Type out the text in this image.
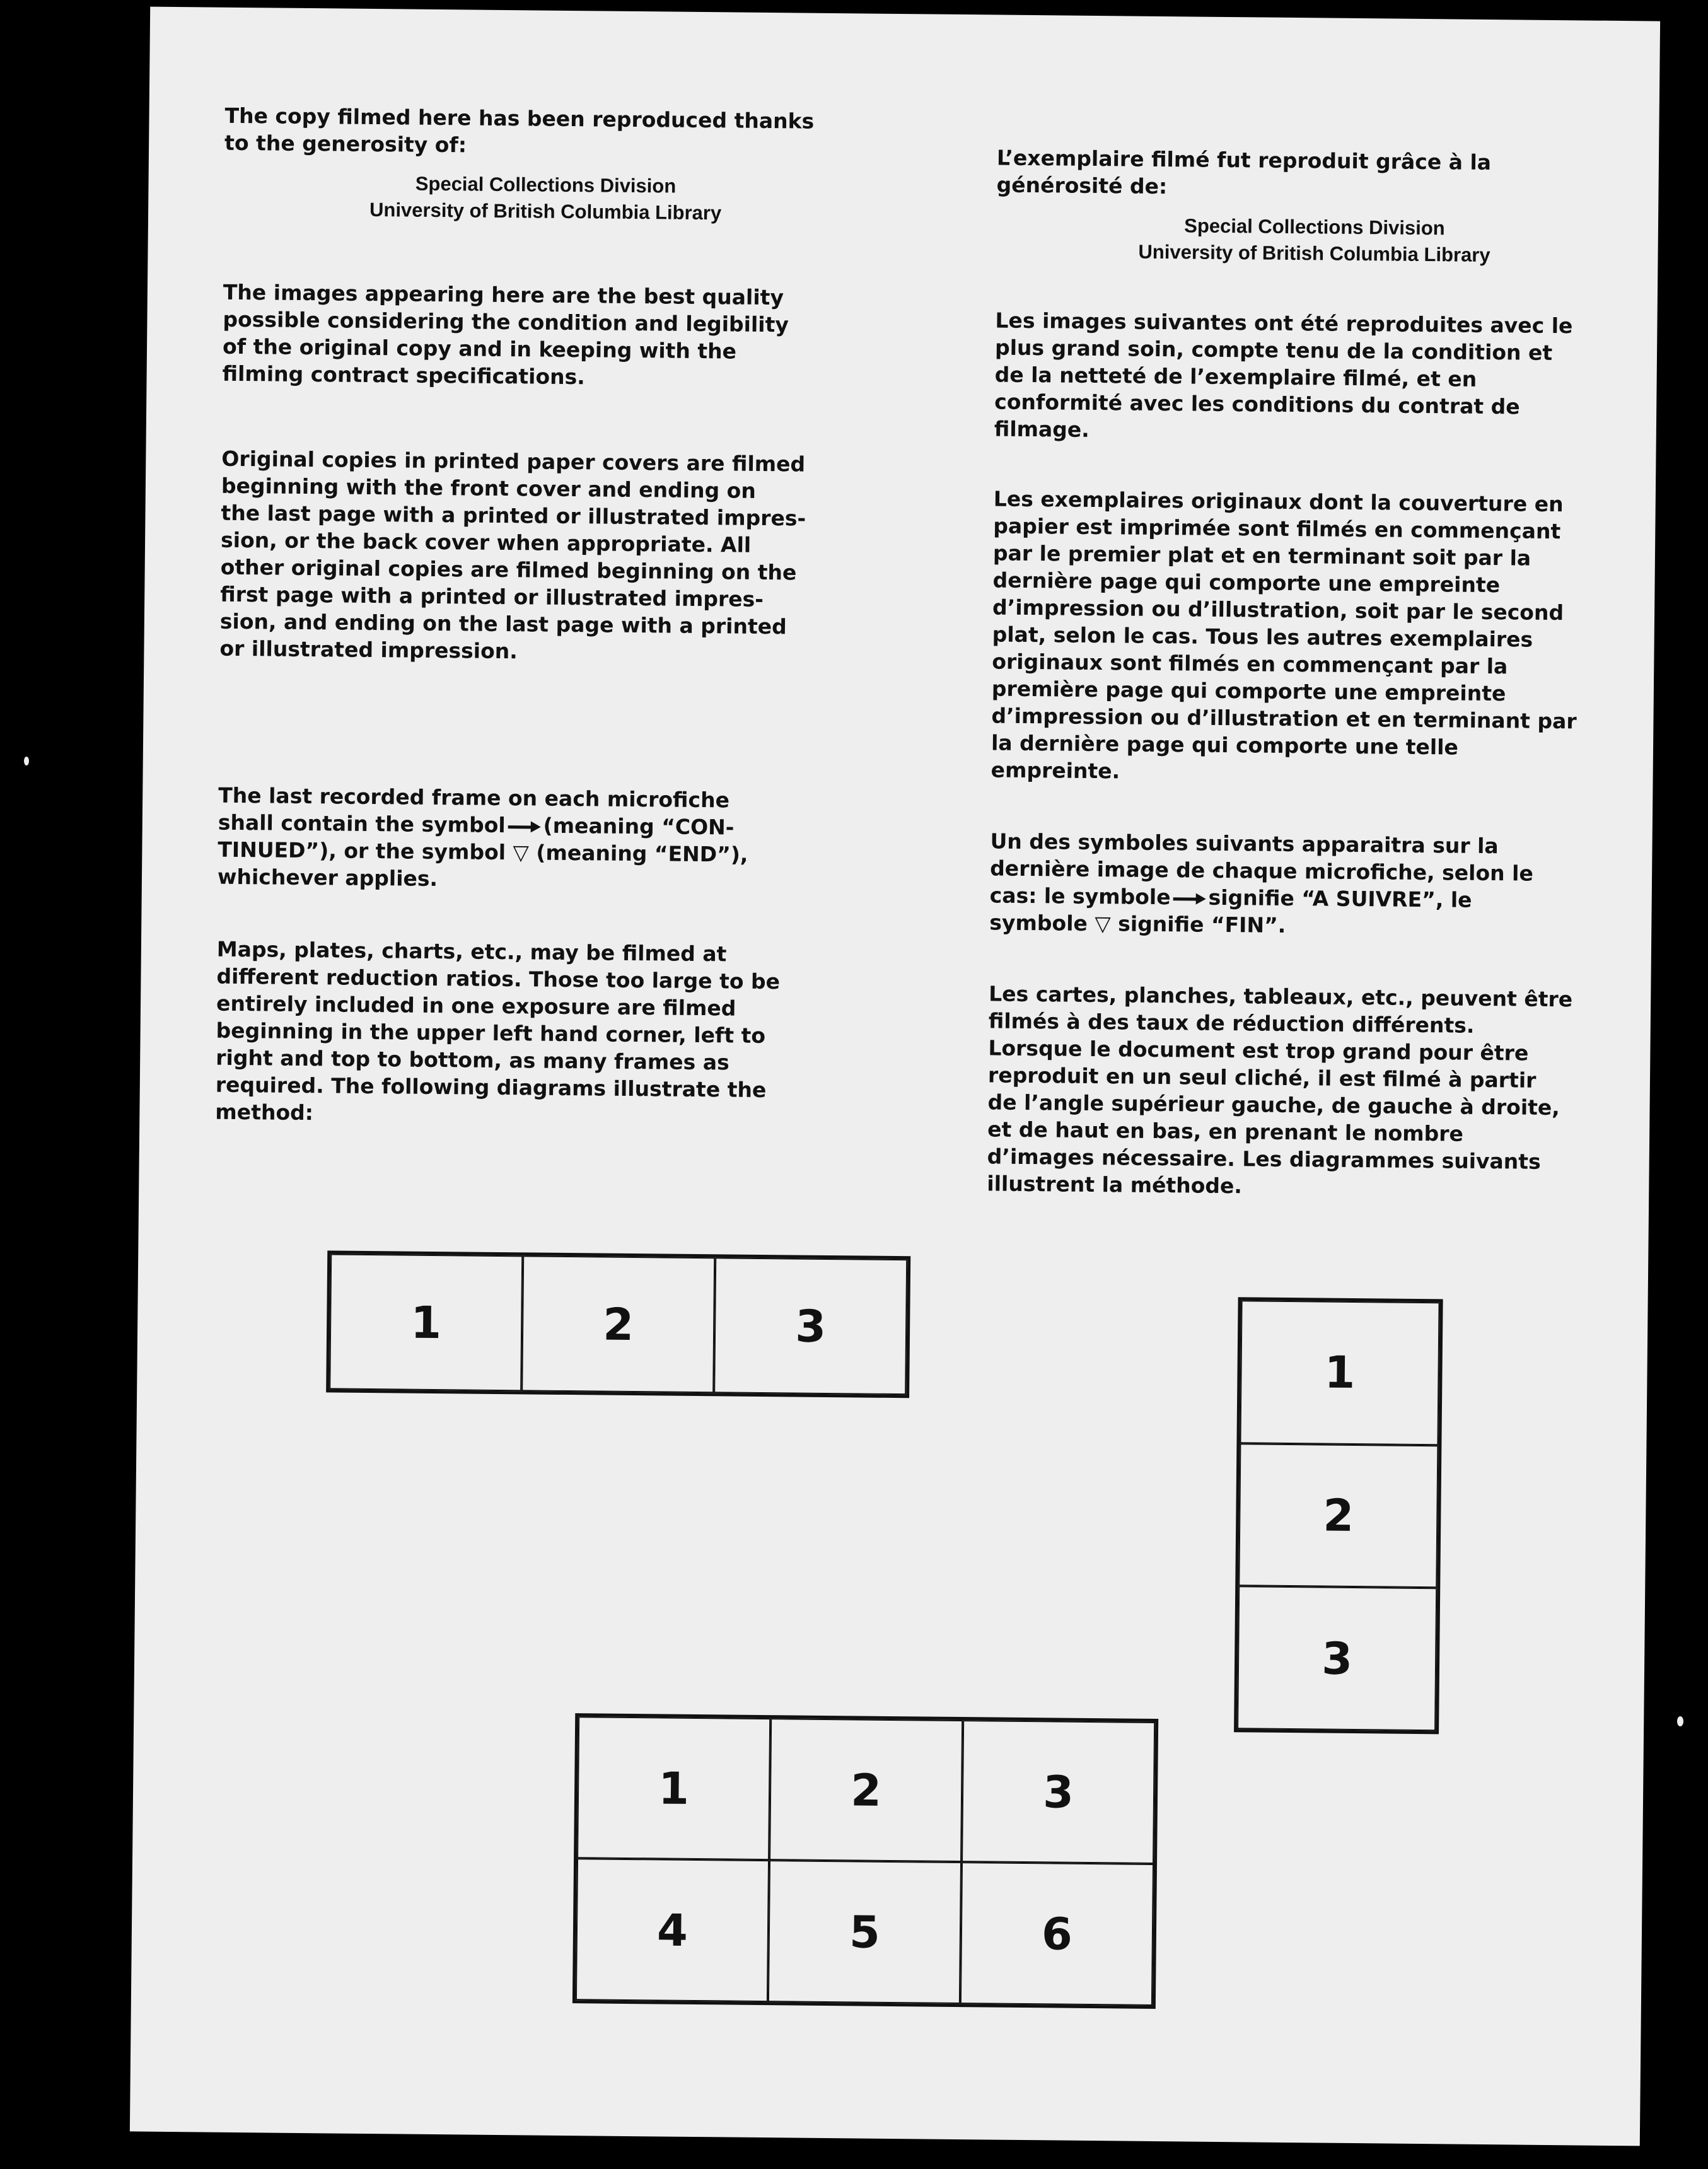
The copy filmed here has been reproduced thanks
to the generosity of:

Special Collections Division
University of British Columbia Library

The images appearing here are the best quality
possible considering the condition and legibility
of the original copy and in keeping with the
filming contract specifications.

Original copies in printed paper covers are filmed
beginning with the front cover and ending on
the last page with a printed or illustrated impres-
sion, or the back cover when appropriate. All
other original copies are filmed beginning on the
first page with a printed or illustrated impres-
sion, and ending on the last page with a printed
or illustrated impression.

The last recorded frame on each microfiche
shall contain the symbol (meaning “CON-
TINUED”), or the symbol ▽ (meaning “END”),
whichever applies.

Maps, plates, charts, etc., may be filmed at
different reduction ratios. Those too large to be
entirely included in one exposure are filmed
beginning in the upper left hand corner, left to
right and top to bottom, as many frames as
required. The following diagrams illustrate the
method:

L’exemplaire filmé fut reproduit grâce à la
générosité de:

Special Collections Division
University of British Columbia Library

Les images suivantes ont été reproduites avec le
plus grand soin, compte tenu de la condition et
de la netteté de l’exemplaire filmé, et en
conformité avec les conditions du contrat de
filmage.

Les exemplaires originaux dont la couverture en
papier est imprimée sont filmés en commençant
par le premier plat et en terminant soit par la
dernière page qui comporte une empreinte
d’impression ou d’illustration, soit par le second
plat, selon le cas. Tous les autres exemplaires
originaux sont filmés en commençant par la
première page qui comporte une empreinte
d’impression ou d’illustration et en terminant par
la dernière page qui comporte une telle
empreinte.

Un des symboles suivants apparaitra sur la
dernière image de chaque microfiche, selon le
cas: le symbole signifie “A SUIVRE”, le
symbole ▽ signifie “FIN”.

Les cartes, planches, tableaux, etc., peuvent être
filmés à des taux de réduction différents.
Lorsque le document est trop grand pour être
reproduit en un seul cliché, il est filmé à partir
de l’angle supérieur gauche, de gauche à droite,
et de haut en bas, en prenant le nombre
d’images nécessaire. Les diagrammes suivants
illustrent la méthode.

1	2	3
1
2
3
1	2	3
4	5	6
